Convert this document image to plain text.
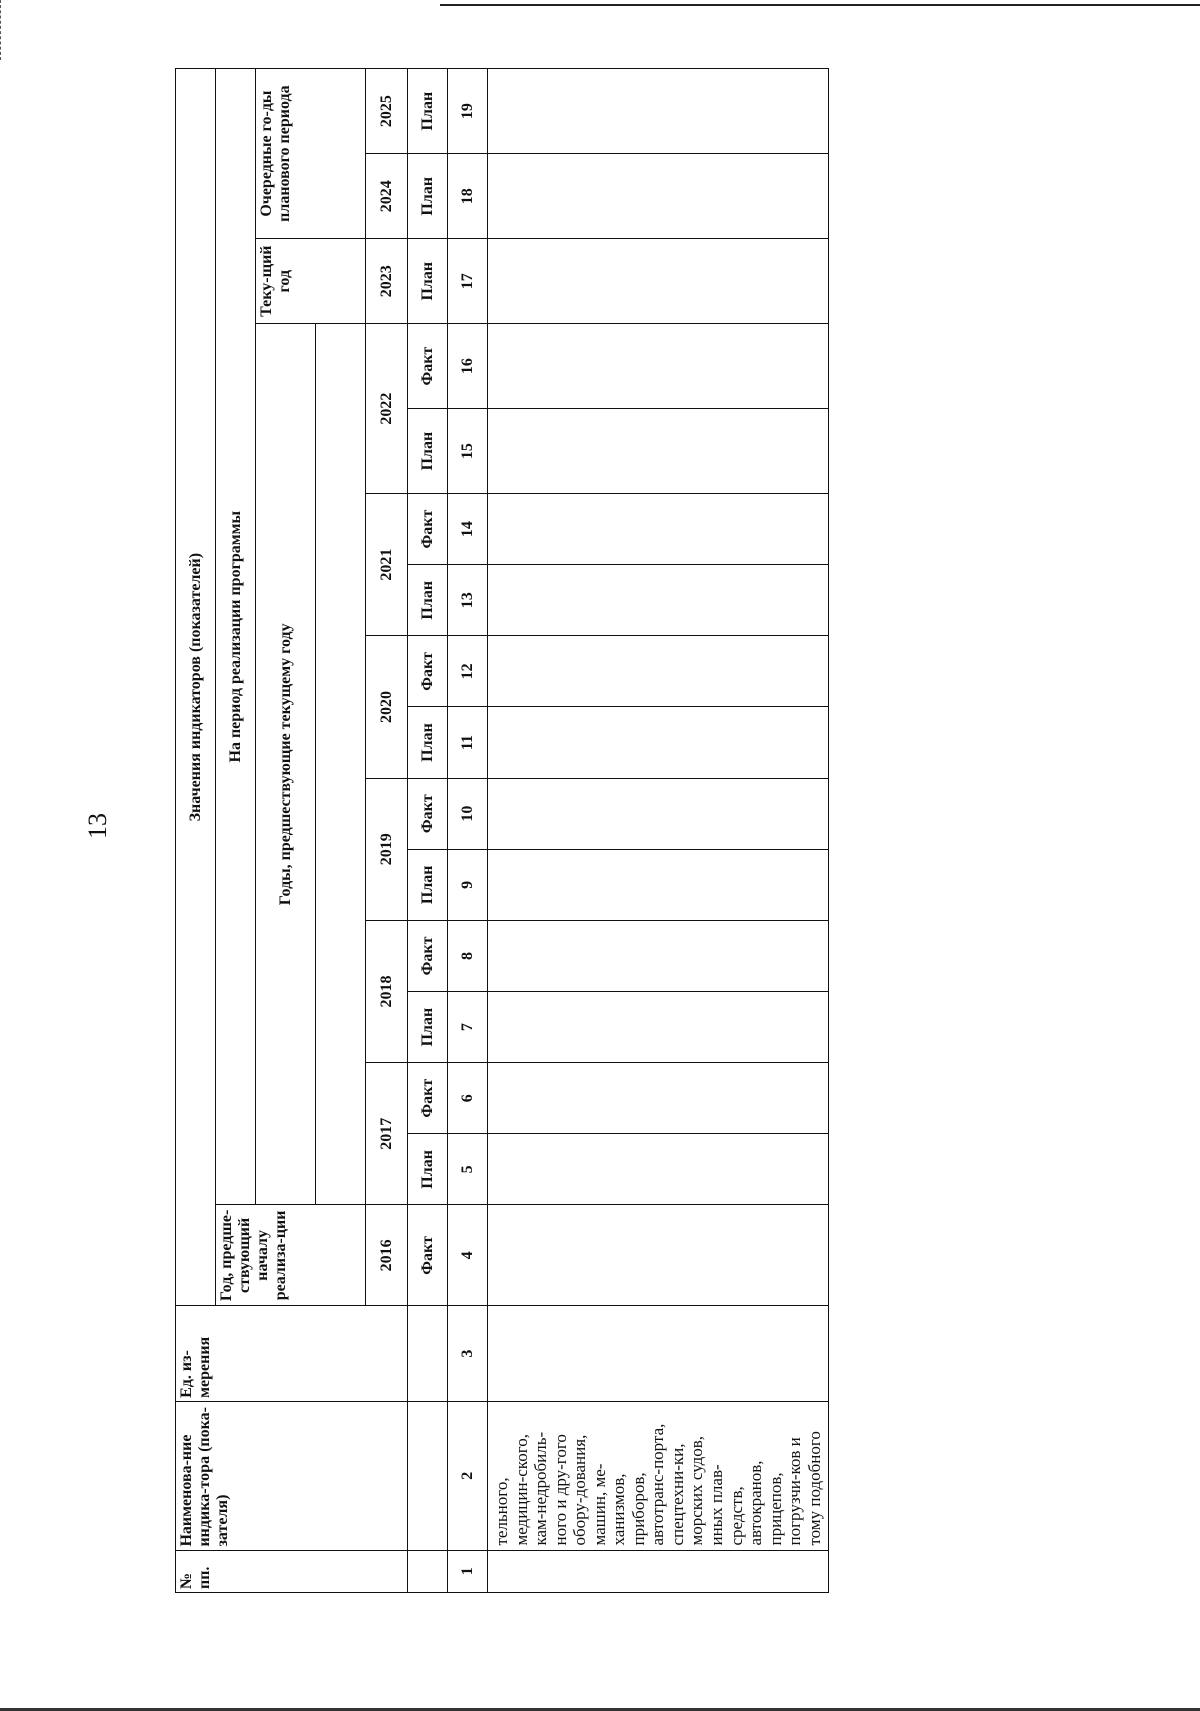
13
№ пп.	Наименова-ние индика-тора (пока-зателя)	Ед. из-мерения	Значения индикаторов (показателей)															
			Год, предше-ствующий началу реализа-ции	На период реализации программы														
				Годы, предшествующие текущему году												Теку-щий год	Очередные го-ды планового периода	

			2016	2017		2018		2019		2020		2021		2022		2023	2024	2025
			Факт	План	Факт	План	Факт	План	Факт	План	Факт	План	Факт	План	Факт	План	План	План
1	2	3	4	5	6	7	8	9	10	11	12	13	14	15	16	17	18	19
	тельного, медицин-ского, кам-недробиль-ного и дру-гого обору-дования, машин, ме-ханизмов, приборов, автотранс-порта, спецтехни-ки, морских судов, иных плав-средств, автокранов, прицепов, погрузчи-ков и тому подобного																	
